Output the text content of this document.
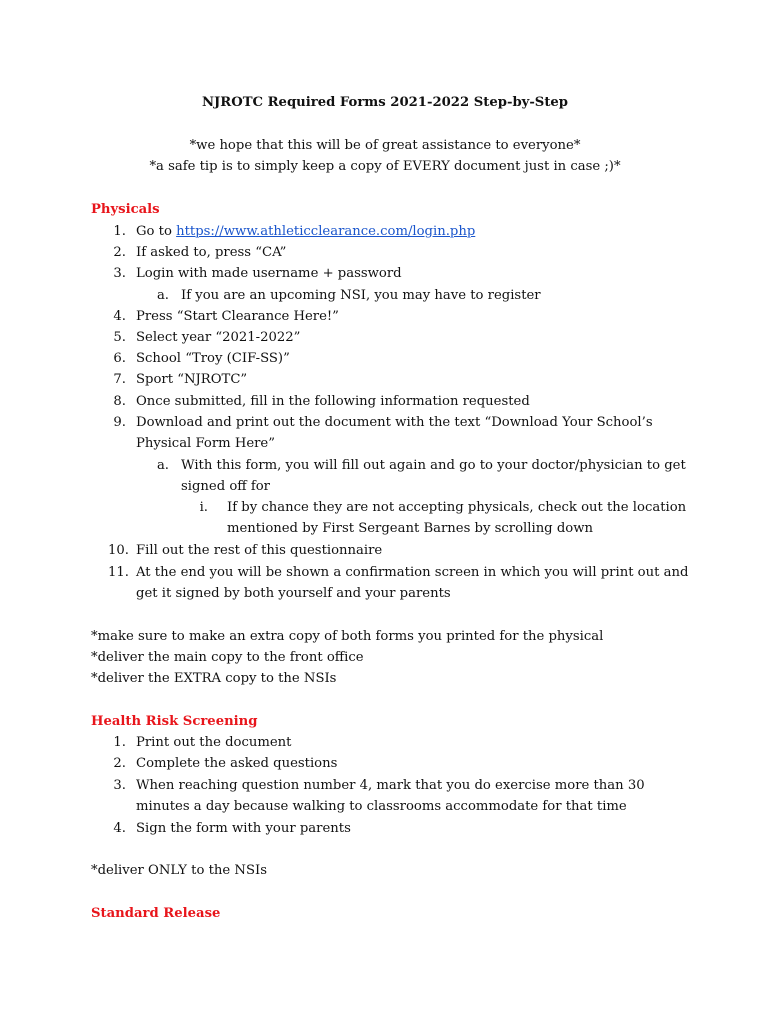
NJROTC Required Forms 2021-2022 Step-by-Step
*we hope that this will be of great assistance to everyone*
*a safe tip is to simply keep a copy of EVERY document just in case ;)*
Physicals
1. Go to https://www.athleticclearance.com/login.php
2. If asked to, press “CA”
3. Login with made username + password
a. If you are an upcoming NSI, you may have to register
4. Press “Start Clearance Here!”
5. Select year “2021-2022”
6. School “Troy (CIF-SS)”
7. Sport “NJROTC”
8. Once submitted, fill in the following information requested
9. Download and print out the document with the text “Download Your School’s
Physical Form Here”
a. With this form, you will fill out again and go to your doctor/physician to get
signed off for
i. If by chance they are not accepting physicals, check out the location
mentioned by First Sergeant Barnes by scrolling down
10. Fill out the rest of this questionnaire
11. At the end you will be shown a confirmation screen in which you will print out and
get it signed by both yourself and your parents
*make sure to make an extra copy of both forms you printed for the physical
*deliver the main copy to the front office
*deliver the EXTRA copy to the NSIs
Health Risk Screening
1. Print out the document
2. Complete the asked questions
3. When reaching question number 4, mark that you do exercise more than 30
minutes a day because walking to classrooms accommodate for that time
4. Sign the form with your parents
*deliver ONLY to the NSIs
Standard Release
